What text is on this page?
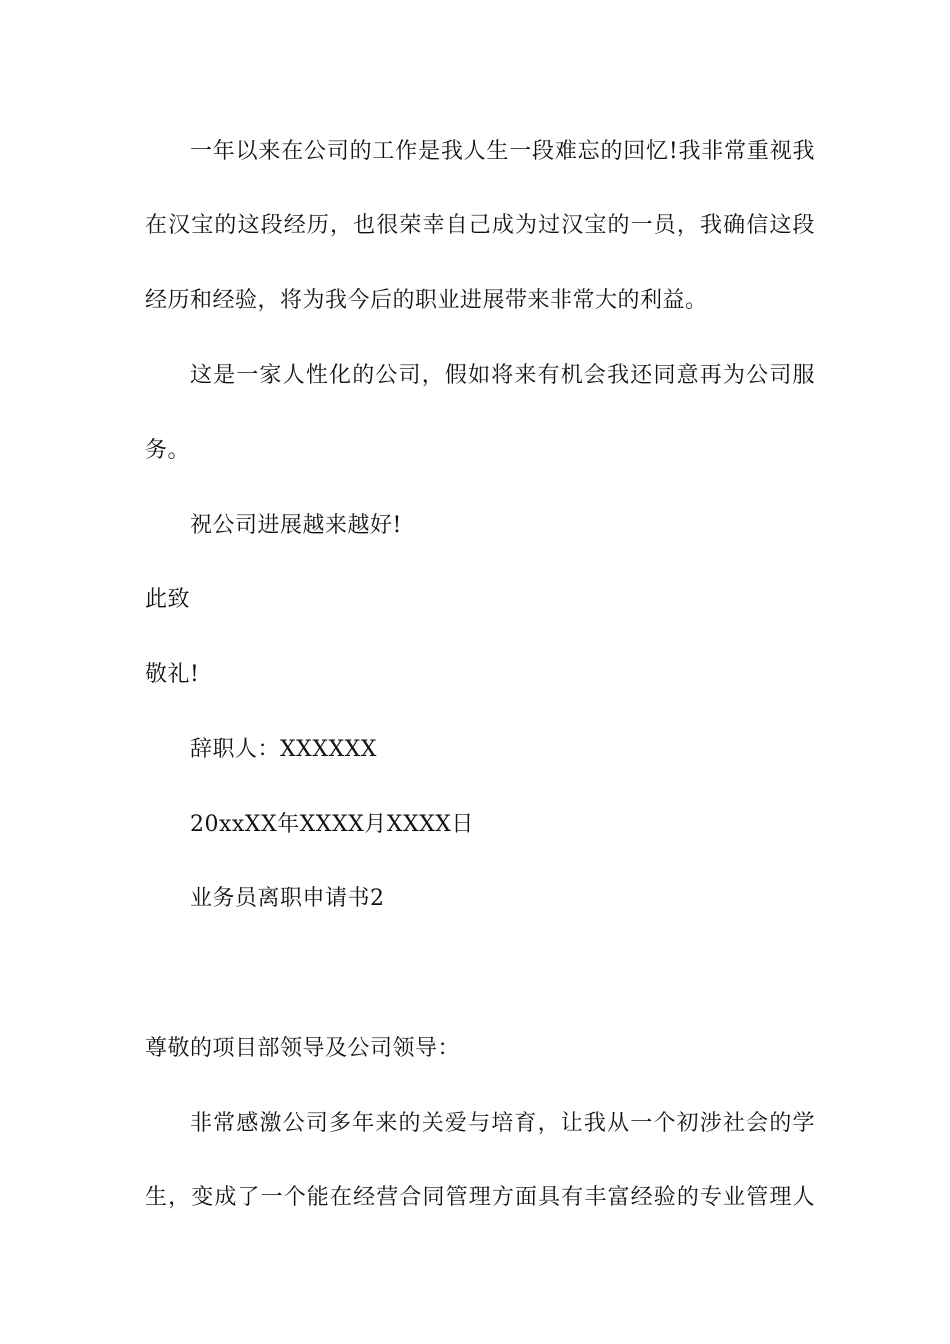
一年以来在公司的工作是我人生一段难忘的回忆!我非常重视我
在汉宝的这段经历，也很荣幸自己成为过汉宝的一员，我确信这段
经历和经验，将为我今后的职业进展带来非常大的利益。
这是一家人性化的公司，假如将来有机会我还同意再为公司服
务。
祝公司进展越来越好!
此致
敬礼!
辞职人：XXXXXX
20xxXX年XXXX月XXXX日
业务员离职申请书2
尊敬的项目部领导及公司领导：
非常感激公司多年来的关爱与培育，让我从一个初涉社会的学
生，变成了一个能在经营合同管理方面具有丰富经验的专业管理人
